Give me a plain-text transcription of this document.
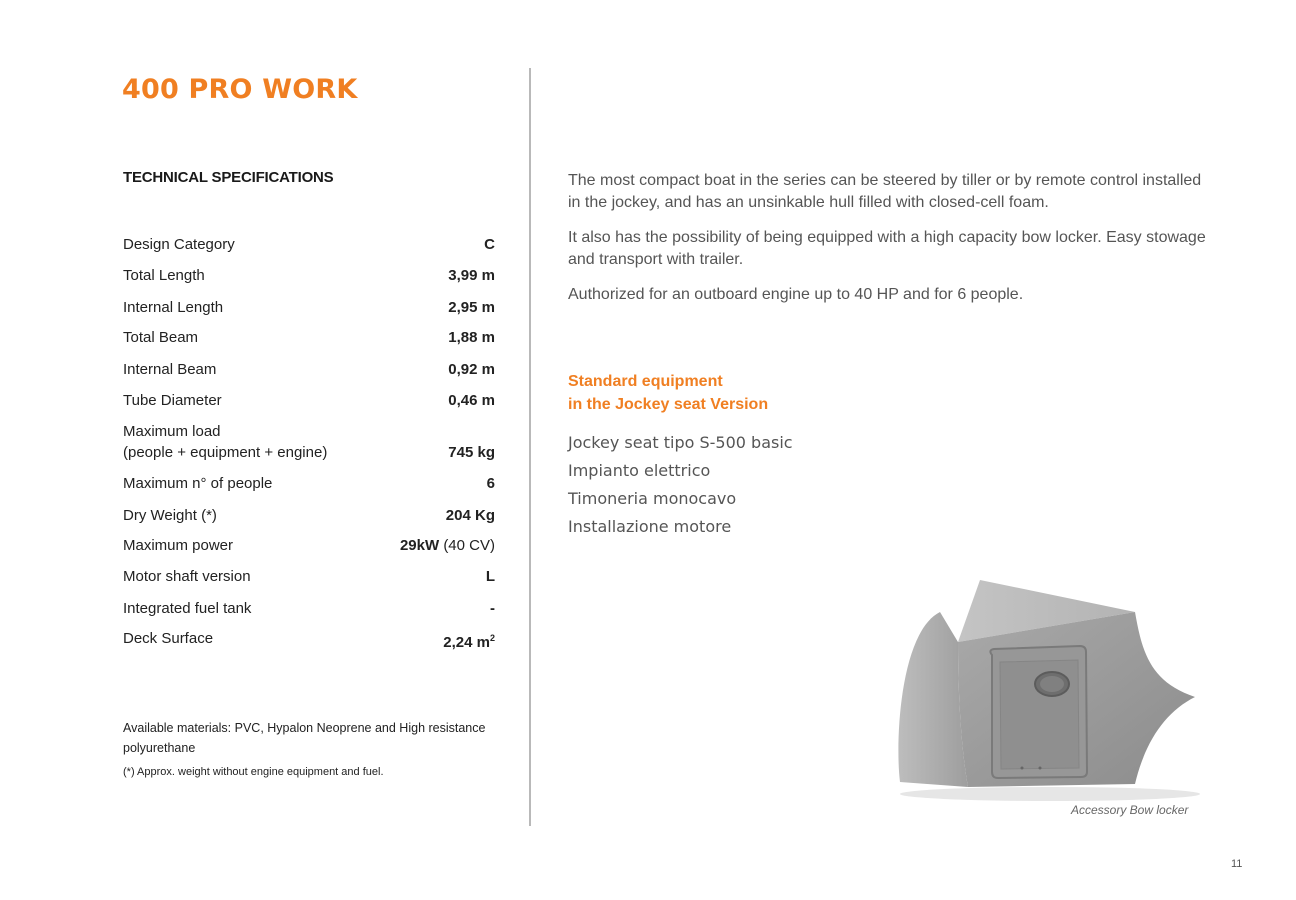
400 PRO WORK
TECHNICAL SPECIFICATIONS
Design Category	C
Total Length	3,99 m
Internal Length	2,95 m
Total Beam	1,88 m
Internal Beam	0,92 m
Tube Diameter	0,46 m
Maximum load
(people + equipment + engine)	745 kg
Maximum n° of people	6
Dry Weight (*)	204 Kg
Maximum power	29kW (40 CV)
Motor shaft version	L
Integrated fuel tank	-
Deck Surface	2,24 $m^2$
Available materials: PVC, Hypalon Neoprene and High resistance polyurethane
(*) Approx. weight without engine equipment and fuel.
The most compact boat in the series can be steered by tiller or by remote control installed in the jockey, and has an unsinkable hull filled with closed-cell foam.
It also has the possibility of being equipped with a high capacity bow locker. Easy stowage and transport with trailer.
Authorized for an outboard engine up to 40 HP and for 6 people.
Standard equipment
in the Jockey seat Version
Jockey seat tipo S-500 basic
Impianto elettrico
Timoneria monocavo
Installazione motore
Accessory Bow locker
11
